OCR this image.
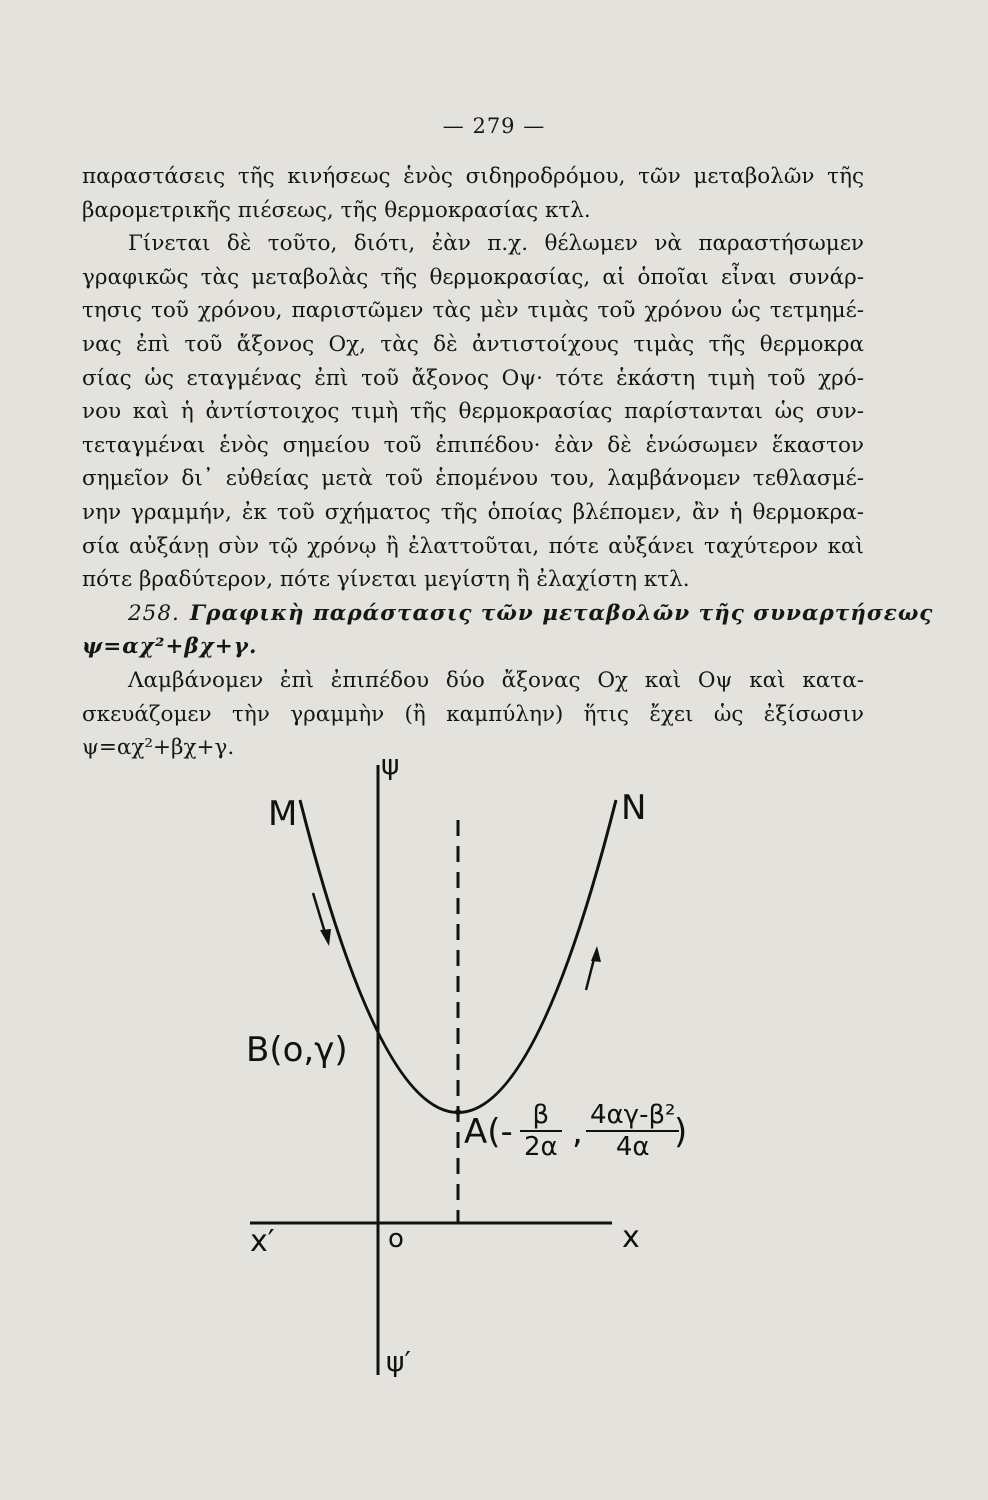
— 279 —
παραστάσεις τῆς κινήσεως ἑνὸς σιδηροδρόμου, τῶν μεταβολῶν τῆς
βαρομετρικῆς πιέσεως, τῆς θερμοκρασίας κτλ.
Γίνεται δὲ τοῦτο, διότι, ἐὰν π.χ. θέλωμεν νὰ παραστήσωμεν
γραφικῶς τὰς μεταβολὰς τῆς θερμοκρασίας, αἱ ὁποῖαι εἶναι συνάρ-
τησις τοῦ χρόνου, παριστῶμεν τὰς μὲν τιμὰς τοῦ χρόνου ὡς τετμημέ-
νας ἐπὶ τοῦ ἄξονος Οχ, τὰς δὲ ἀντιστοίχους τιμὰς τῆς θερμοκρα
σίας ὡς εταγμένας ἐπὶ τοῦ ἄξονος Οψ· τότε ἑκάστη τιμὴ τοῦ χρό-
νου καὶ ἡ ἀντίστοιχος τιμὴ τῆς θερμοκρασίας παρίστανται ὡς συν-
τεταγμέναι ἑνὸς σημείου τοῦ ἐπιπέδου· ἐὰν δὲ ἑνώσωμεν ἕκαστον
σημεῖον δι᾽ εὐθείας μετὰ τοῦ ἑπομένου του, λαμβάνομεν τεθλασμέ-
νην γραμμήν, ἐκ τοῦ σχήματος τῆς ὁποίας βλέπομεν, ἂν ἡ θερμοκρα-
σία αὐξάνῃ σὺν τῷ χρόνῳ ἢ ἐλαττοῦται, πότε αὐξάνει ταχύτερον καὶ
πότε βραδύτερον, πότε γίνεται μεγίστη ἢ ἐλαχίστη κτλ.
258. Γραφικὴ παράστασις τῶν μεταβολῶν τῆς συναρτήσεως
ψ=αχ²+βχ+γ.
Λαμβάνομεν ἐπὶ ἐπιπέδου δύο ἄξονας Οχ καὶ Οψ καὶ κατα-
σκευάζομεν τὴν γραμμὴν (ἢ καμπύλην) ἥτις ἔχει ὡς ἐξίσωσιν
ψ=αχ²+βχ+γ.
ψ
M	N
B(o,γ)
x′	o	x
ψ′
$A(- \frac{\beta}{2\alpha}$ , $\frac{\text{4αγ-β²}}{4\alpha}$
)
